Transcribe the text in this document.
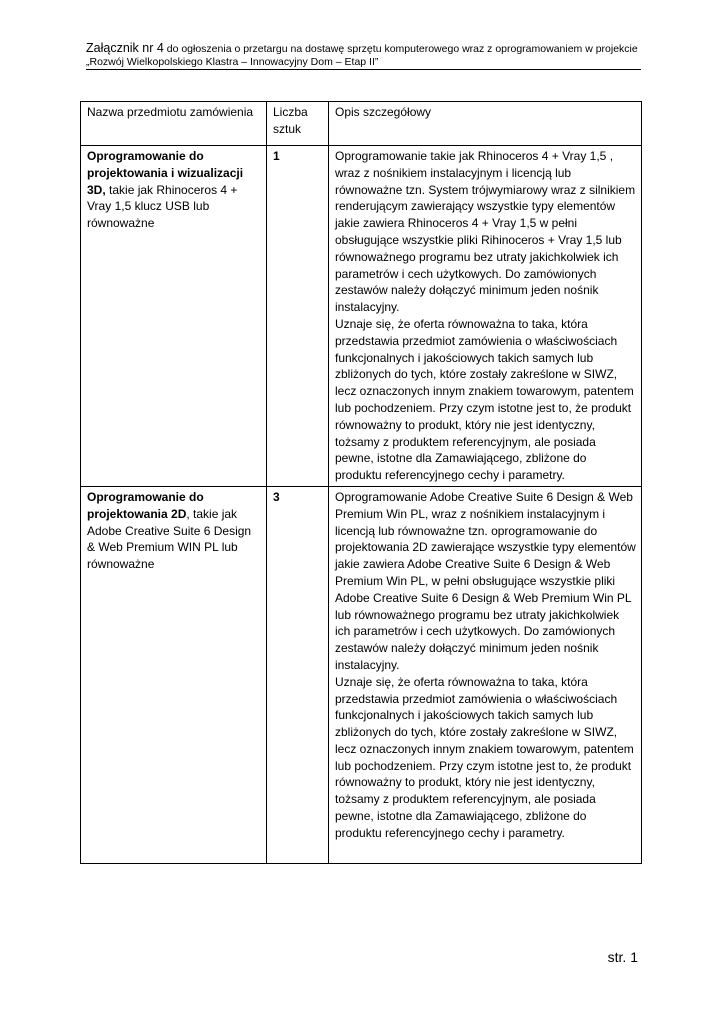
Załącznik nr 4 do ogłoszenia o przetargu na dostawę sprzętu komputerowego wraz z oprogramowaniem w projekcie
„Rozwój Wielkopolskiego Klastra – Innowacyjny Dom – Etap II”
Nazwa przedmiotu zamówienia	Liczba sztuk	Opis szczegółowy
Oprogramowanie do projektowania i wizualizacji 3D, takie jak Rhinoceros 4 + Vray 1,5 klucz USB lub równoważne	1	Oprogramowanie takie jak Rhinoceros 4 + Vray 1,5 , wraz z nośnikiem instalacyjnym i licencją lub równoważne tzn. System trójwymiarowy wraz z silnikiem renderującym zawierający wszystkie typy elementów jakie zawiera Rhinoceros 4 + Vray 1,5 w pełni obsługujące wszystkie pliki Rihinoceros + Vray 1,5 lub równoważnego programu bez utraty jakichkolwiek ich parametrów i cech użytkowych. Do zamówionych zestawów należy dołączyć minimum jeden nośnik instalacyjny.

Uznaje się, że oferta równoważna to taka, która przedstawia przedmiot zamówienia o właściwościach funkcjonalnych i jakościowych takich samych lub zbliżonych do tych, które zostały zakreślone w SIWZ, lecz oznaczonych innym znakiem towarowym, patentem lub pochodzeniem. Przy czym istotne jest to, że produkt równoważny to produkt, który nie jest identyczny, tożsamy z produktem referencyjnym, ale posiada pewne, istotne dla Zamawiającego, zbliżone do produktu referencyjnego cechy i parametry.

Oprogramowanie do projektowania 2D, takie jak Adobe Creative Suite 6 Design & Web Premium WIN PL lub równoważne	3	Oprogramowanie Adobe Creative Suite 6 Design & Web Premium Win PL, wraz z nośnikiem instalacyjnym i licencją lub równoważne tzn. oprogramowanie do projektowania 2D zawierające wszystkie typy elementów jakie zawiera Adobe Creative Suite 6 Design & Web Premium Win PL, w pełni obsługujące wszystkie pliki Adobe Creative Suite 6 Design & Web Premium Win PL lub równoważnego programu bez utraty jakichkolwiek ich parametrów i cech użytkowych. Do zamówionych zestawów należy dołączyć minimum jeden nośnik instalacyjny.

Uznaje się, że oferta równoważna to taka, która przedstawia przedmiot zamówienia o właściwościach funkcjonalnych i jakościowych takich samych lub zbliżonych do tych, które zostały zakreślone w SIWZ, lecz oznaczonych innym znakiem towarowym, patentem lub pochodzeniem. Przy czym istotne jest to, że produkt równoważny to produkt, który nie jest identyczny, tożsamy z produktem referencyjnym, ale posiada pewne, istotne dla Zamawiającego, zbliżone do produktu referencyjnego cechy i parametry.

str. 1
